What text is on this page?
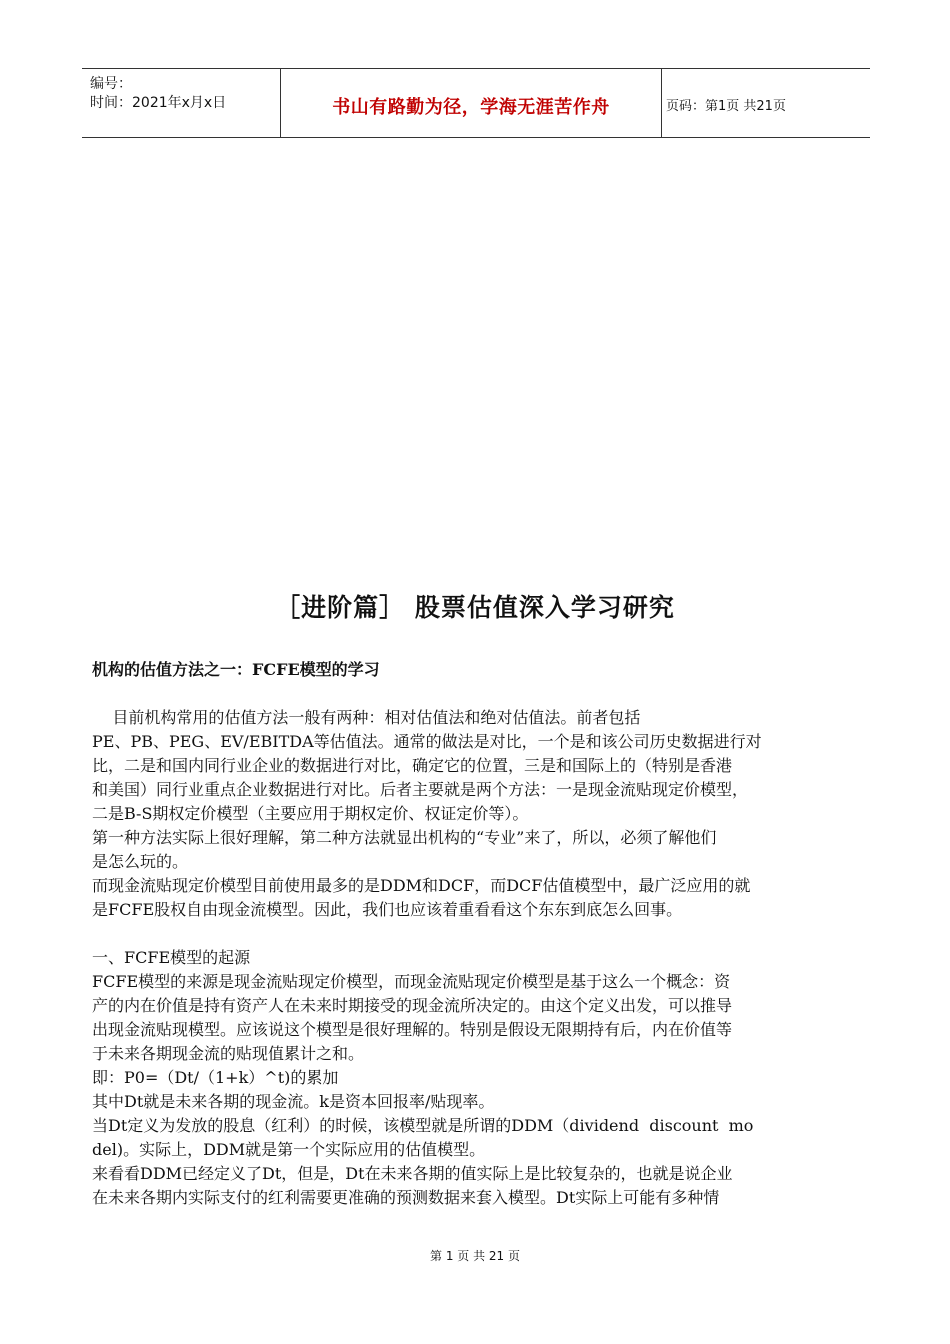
编号：
时间：2021年x月x日	书山有路勤为径，学海无涯苦作舟	页码：第1页 共21页
［进阶篇］ 股票估值深入学习研究
机构的估值方法之一：FCFE模型的学习
目前机构常用的估值方法一般有两种：相对估值法和绝对估值法。前者包括
PE、PB、PEG、EV/EBITDA等估值法。通常的做法是对比，一个是和该公司历史数据进行对
比，二是和国内同行业企业的数据进行对比，确定它的位置，三是和国际上的（特别是香港
和美国）同行业重点企业数据进行对比。后者主要就是两个方法：一是现金流贴现定价模型，
二是B-S期权定价模型（主要应用于期权定价、权证定价等）。
第一种方法实际上很好理解，第二种方法就显出机构的“专业”来了，所以，必须了解他们
是怎么玩的。
而现金流贴现定价模型目前使用最多的是DDM和DCF，而DCF估值模型中，最广泛应用的就
是FCFE股权自由现金流模型。因此，我们也应该着重看看这个东东到底怎么回事。
一、FCFE模型的起源
FCFE模型的来源是现金流贴现定价模型，而现金流贴现定价模型是基于这么一个概念：资
产的内在价值是持有资产人在未来时期接受的现金流所决定的。由这个定义出发，可以推导
出现金流贴现模型。应该说这个模型是很好理解的。特别是假设无限期持有后，内在价值等
于未来各期现金流的贴现值累计之和。
即：P0=（Dt/（1+k）^t)的累加
其中Dt就是未来各期的现金流。k是资本回报率/贴现率。
当Dt定义为发放的股息（红利）的时候，该模型就是所谓的DDM（dividend  discount  mo
del)。实际上，DDM就是第一个实际应用的估值模型。
来看看DDM已经定义了Dt，但是，Dt在未来各期的值实际上是比较复杂的，也就是说企业
在未来各期内实际支付的红利需要更准确的预测数据来套入模型。Dt实际上可能有多种情
第 1 页 共 21 页
